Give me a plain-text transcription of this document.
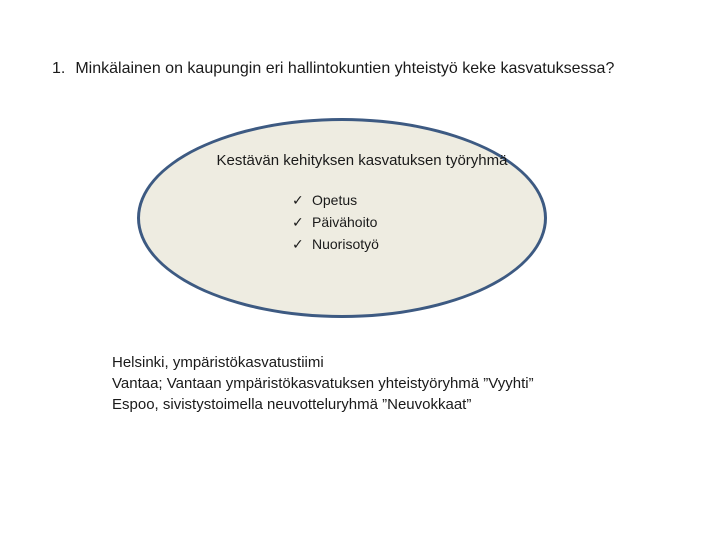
1. Minkälainen on kaupungin eri hallintokuntien yhteistyö keke kasvatuksessa?
Kestävän kehityksen kasvatuksen työryhmä
✓ Opetus
✓ Päivähoito
✓ Nuorisotyö
Helsinki, ympäristökasvatustiimi
Vantaa; Vantaan ympäristökasvatuksen yhteistyöryhmä ”Vyyhti”
Espoo, sivistystoimella neuvotteluryhmä ”Neuvokkaat”
